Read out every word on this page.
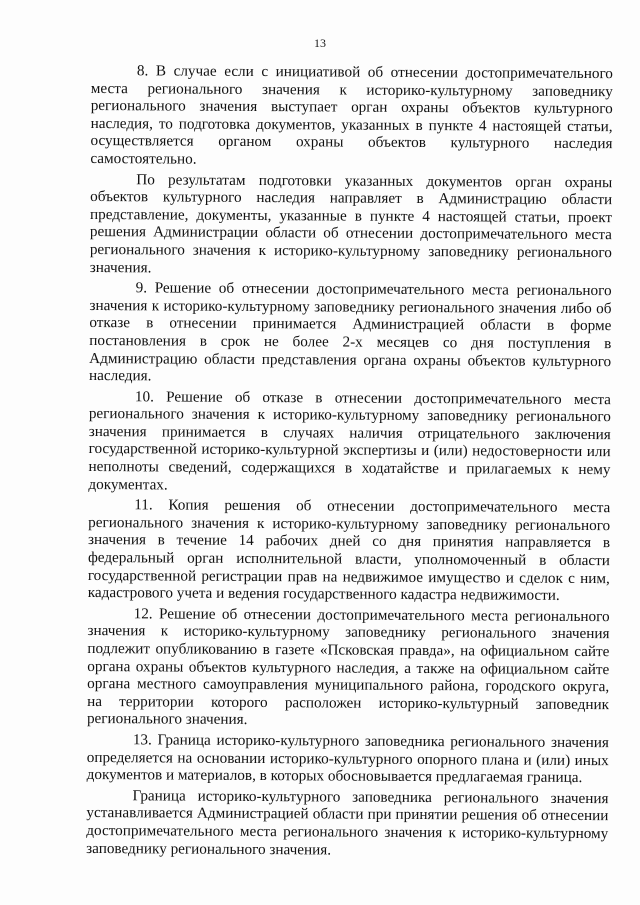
13

8. В случае если с инициативой об отнесении достопримечательного места регионального значения к историко-культурному заповеднику регионального значения выступает орган охраны объектов культурного наследия, то подготовка документов, указанных в пункте 4 настоящей статьи, осуществляется органом охраны объектов культурного наследия самостоятельно.

По результатам подготовки указанных документов орган охраны объектов культурного наследия направляет в Администрацию области представление, документы, указанные в пункте 4 настоящей статьи, проект решения Администрации области об отнесении достопримечательного места регионального значения к историко-культурному заповеднику регионального значения.

9. Решение об отнесении достопримечательного места регионального значения к историко-культурному заповеднику регионального значения либо об отказе в отнесении принимается Администрацией области в форме постановления в срок не более 2-х месяцев со дня поступления в Администрацию области представления органа охраны объектов культурного наследия.

10. Решение об отказе в отнесении достопримечательного места регионального значения к историко-культурному заповеднику регионального значения принимается в случаях наличия отрицательного заключения государственной историко-культурной экспертизы и (или) недостоверности или неполноты сведений, содержащихся в ходатайстве и прилагаемых к нему документах.

11. Копия решения об отнесении достопримечательного места регионального значения к историко-культурному заповеднику регионального значения в течение 14 рабочих дней со дня принятия направляется в федеральный орган исполнительной власти, уполномоченный в области государственной регистрации прав на недвижимое имущество и сделок с ним, кадастрового учета и ведения государственного кадастра недвижимости.

12. Решение об отнесении достопримечательного места регионального значения к историко-культурному заповеднику регионального значения подлежит опубликованию в газете «Псковская правда», на официальном сайте органа охраны объектов культурного наследия, а также на официальном сайте органа местного самоуправления муниципального района, городского округа, на территории которого расположен историко-культурный заповедник регионального значения.

13. Граница историко-культурного заповедника регионального значения определяется на основании историко-культурного опорного плана и (или) иных документов и материалов, в которых обосновывается предлагаемая граница.

Граница историко-культурного заповедника регионального значения устанавливается Администрацией области при принятии решения об отнесении достопримечательного места регионального значения к историко-культурному заповеднику регионального значения.
